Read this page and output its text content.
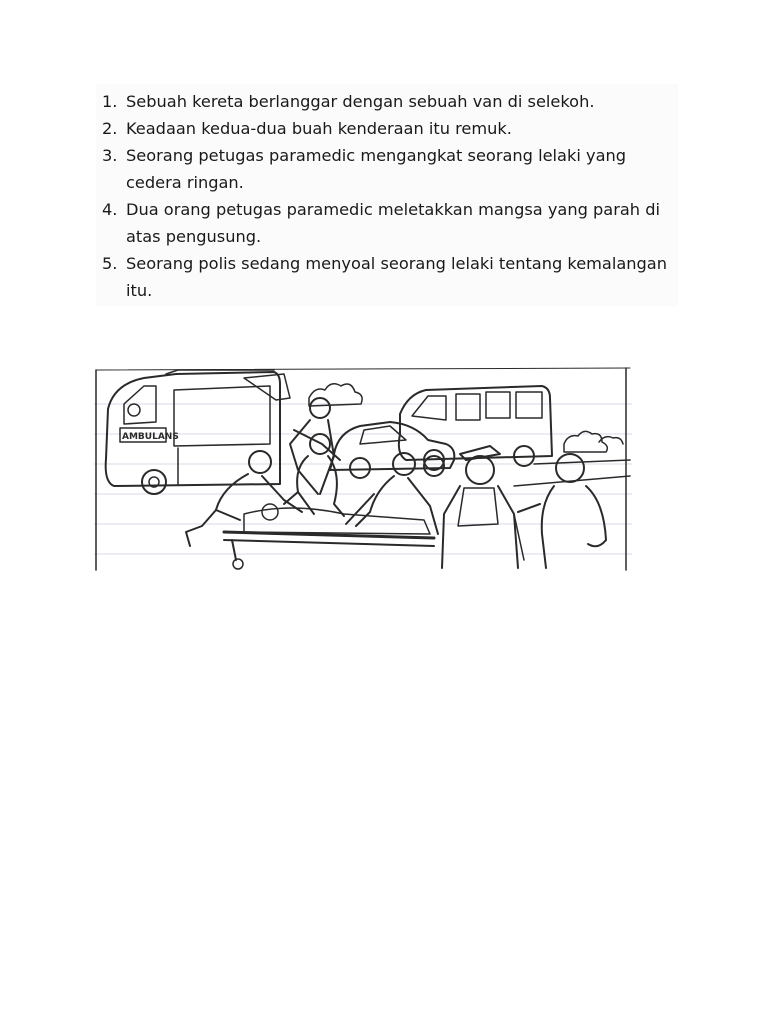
1. Sebuah kereta berlanggar dengan sebuah van di selekoh.
2. Keadaan kedua-dua buah kenderaan itu remuk.
3. Seorang petugas paramedic mengangkat seorang lelaki yang
cedera ringan.
4. Dua orang petugas paramedic meletakkan mangsa yang parah di
atas pengusung.
5. Seorang polis sedang menyoal seorang lelaki tentang kemalangan
itu.
AMBULANS
